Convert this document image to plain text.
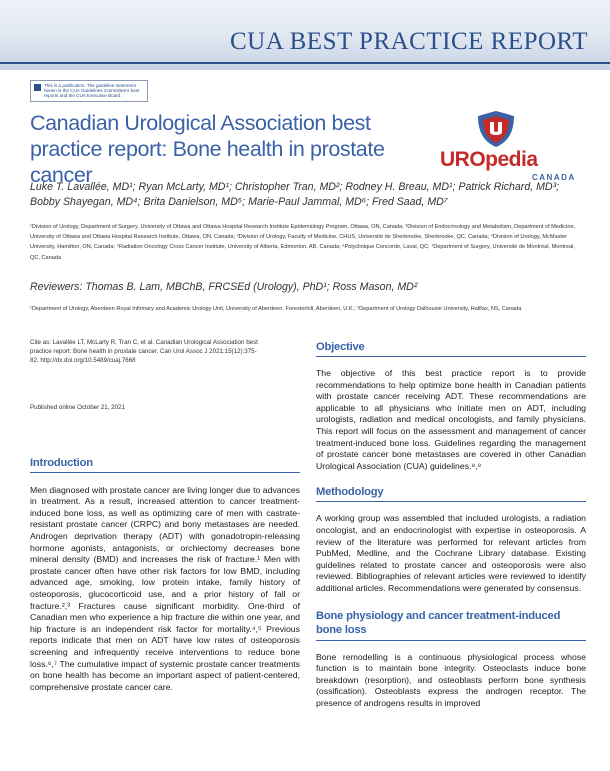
CUA BEST PRACTICE REPORT
This is a publication. The guideline statement herein is the CUA Guidelines Committee's best reports and the CUA Executive Board.
Canadian Urological Association best practice report: Bone health in prostate cancer
UROpedia
CANADA
Luke T. Lavallée, MD¹; Ryan McLarty, MD¹; Christopher Tran, MD²; Rodney H. Breau, MD¹; Patrick Richard, MD³; Bobby Shayegan, MD⁴; Brita Danielson, MD⁵; Marie-Paul Jammal, MD⁶; Fred Saad, MD⁷
¹Division of Urology, Department of Surgery, University of Ottawa and Ottawa Hospital Research Institute Epidemiology Program, Ottawa, ON, Canada; ²Division of Endocrinology and Metabolism, Department of Medicine, University of Ottawa and Ottawa Hospital Research Institute, Ottawa, ON, Canada; ³Division of Urology, Faculty of Medicine, CHUS, Université de Sherbrooke, Sherbrooke, QC, Canada; ⁴Division of Urology, McMaster University, Hamilton, ON, Canada; ⁵Radiation Oncology Cross Cancer Institute, University of Alberta, Edmonton, AB, Canada; ⁶Polyclinique Concorde, Laval, QC; ⁷Department of Surgery, Université de Montréal, Montreal, QC, Canada
Reviewers: Thomas B. Lam, MBChB, FRCSEd (Urology), PhD¹; Ross Mason, MD²
¹Department of Urology, Aberdeen Royal Infirmary and Academic Urology Unit, University of Aberdeen, Foresterhill, Aberdeen, U.K.; ²Department of Urology Dalhousie University, Halifax, NS, Canada
Cite as: Lavallée LT, McLarty R, Tran C, et al. Canadian Urological Association best practice report: Bone health in prostate cancer. Can Urol Assoc J 2021;15(12):375-82. http://dx.doi.org/10.5489/cuaj.7668
Published online October 21, 2021
Introduction
Men diagnosed with prostate cancer are living longer due to advances in treatment. As a result, increased attention to cancer treatment-induced bone loss, as well as optimizing care of men with castrate-resistant prostate cancer (CRPC) and bony metastases are needed. Androgen deprivation therapy (ADT) with gonadotropin-releasing hormone agonists, antagonists, or orchiectomy decreases bone mineral density (BMD) and increases the risk of fracture.¹ Men with prostate cancer often have other risk factors for low BMD, including advanced age, smoking, low protein intake, family history of osteoporosis, glucocorticoid use, and a prior history of fall or fracture.²,³ Fractures cause significant morbidity. One-third of Canadian men who experience a hip fracture die within one year, and hip fracture is an independent risk factor for mortality.⁴,⁵ Previous reports indicate that men on ADT have low rates of osteoporosis screening and infrequently receive interventions to reduce bone loss.⁶,⁷ The cumulative impact of systemic prostate cancer treatments on bone health has become an important aspect of patient-centered, comprehensive prostate cancer care.
Objective
The objective of this best practice report is to provide recommendations to help optimize bone health in Canadian patients with prostate cancer receiving ADT. These recommendations are applicable to all physicians who initiate men on ADT, including urologists, radiation and medical oncologists, and family physicians. This report will focus on the assessment and management of cancer treatment-induced bone loss. Guidelines regarding the management of prostate cancer bone metastases are covered in other Canadian Urological Association (CUA) guidelines.⁸,⁹
Methodology
A working group was assembled that included urologists, a radiation oncologist, and an endocrinologist with expertise in osteoporosis. A review of the literature was performed for relevant articles from PubMed, Medline, and the Cochrane Library database. Existing guidelines related to prostate cancer and osteoporosis were also reviewed. Bibliographies of relevant articles were reviewed to identify additional articles. Recommendations were generated by consensus.
Bone physiology and cancer treatment-induced bone loss
Bone remodelling is a continuous physiological process whose function is to maintain bone integrity. Osteoclasts induce bone breakdown (resorption), and osteoblasts perform bone synthesis (ossification). Osteoblasts express the androgen receptor. The presence of androgens results in improved
